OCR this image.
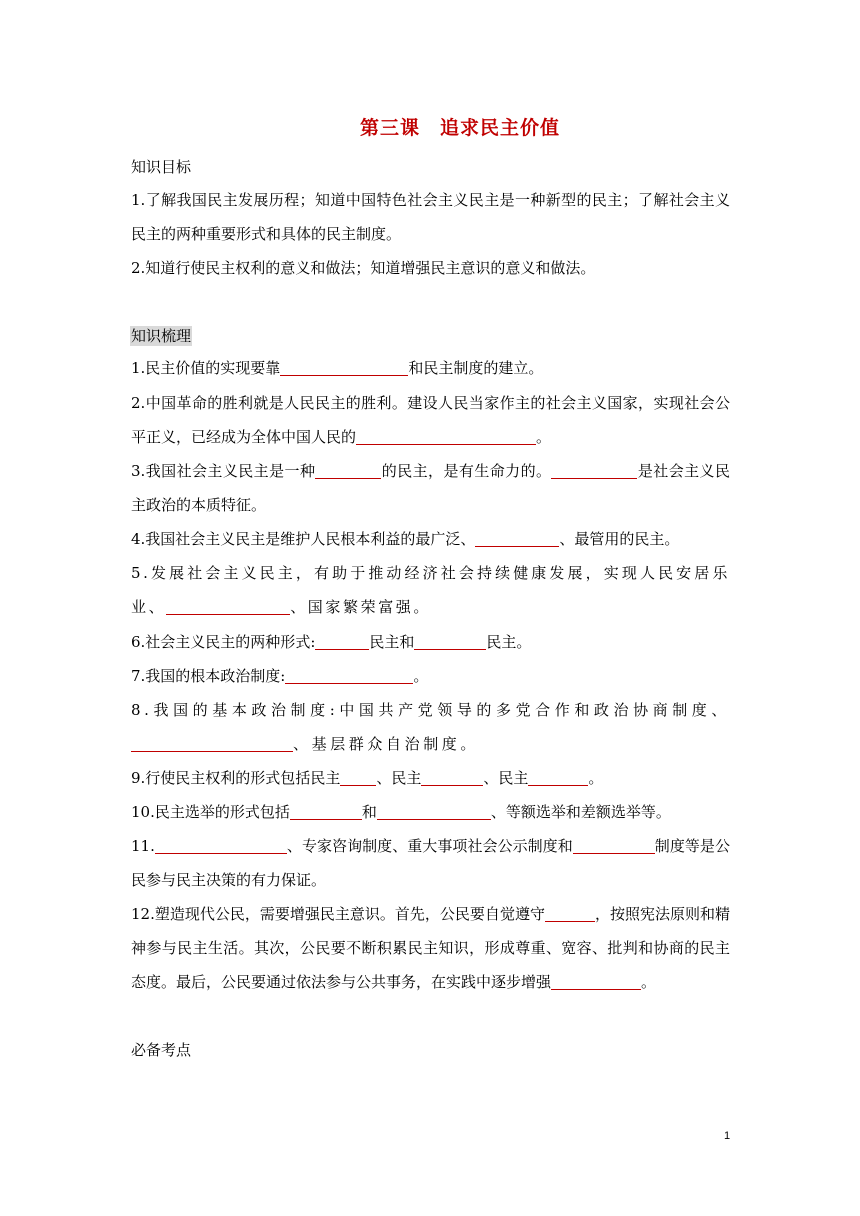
第三课　追求民主价值
知识目标
1.了解我国民主发展历程；知道中国特色社会主义民主是一种新型的民主；了解社会主义民主的两种重要形式和具体的民主制度。
2.知道行使民主权利的意义和做法；知道增强民主意识的意义和做法。
知识梳理
1.民主价值的实现要靠	和民主制度的建立。
2.中国革命的胜利就是人民民主的胜利。建设人民当家作主的社会主义国家，实现社会公平正义，已经成为全体中国人民的	。
3.我国社会主义民主是一种	的民主，是有生命力的。	是社会主义民主政治的本质特征。
4.我国社会主义民主是维护人民根本利益的最广泛、	、最管用的民主。
5.发展社会主义民主，有助于推动经济社会持续健康发展，实现人民安居乐业、	、国家繁荣富强。
6.社会主义民主的两种形式:	民主和	民主。
7.我国的根本政治制度:	。
8.我国的基本政治制度:中国共产党领导的多党合作和政治协商制度、、基层群众自治制度。
9.行使民主权利的形式包括民主 、民主	、民主	。
10.民主选举的形式包括	和	、等额选举和差额选举等。
11.	、专家咨询制度、重大事项社会公示制度和	制度等是公民参与民主决策的有力保证。
12.塑造现代公民，需要增强民主意识。首先，公民要自觉遵守	，按照宪法原则和精神参与民主生活。其次，公民要不断积累民主知识，形成尊重、宽容、批判和协商的民主态度。最后，公民要通过依法参与公共事务，在实践中逐步增强	。
必备考点
1
